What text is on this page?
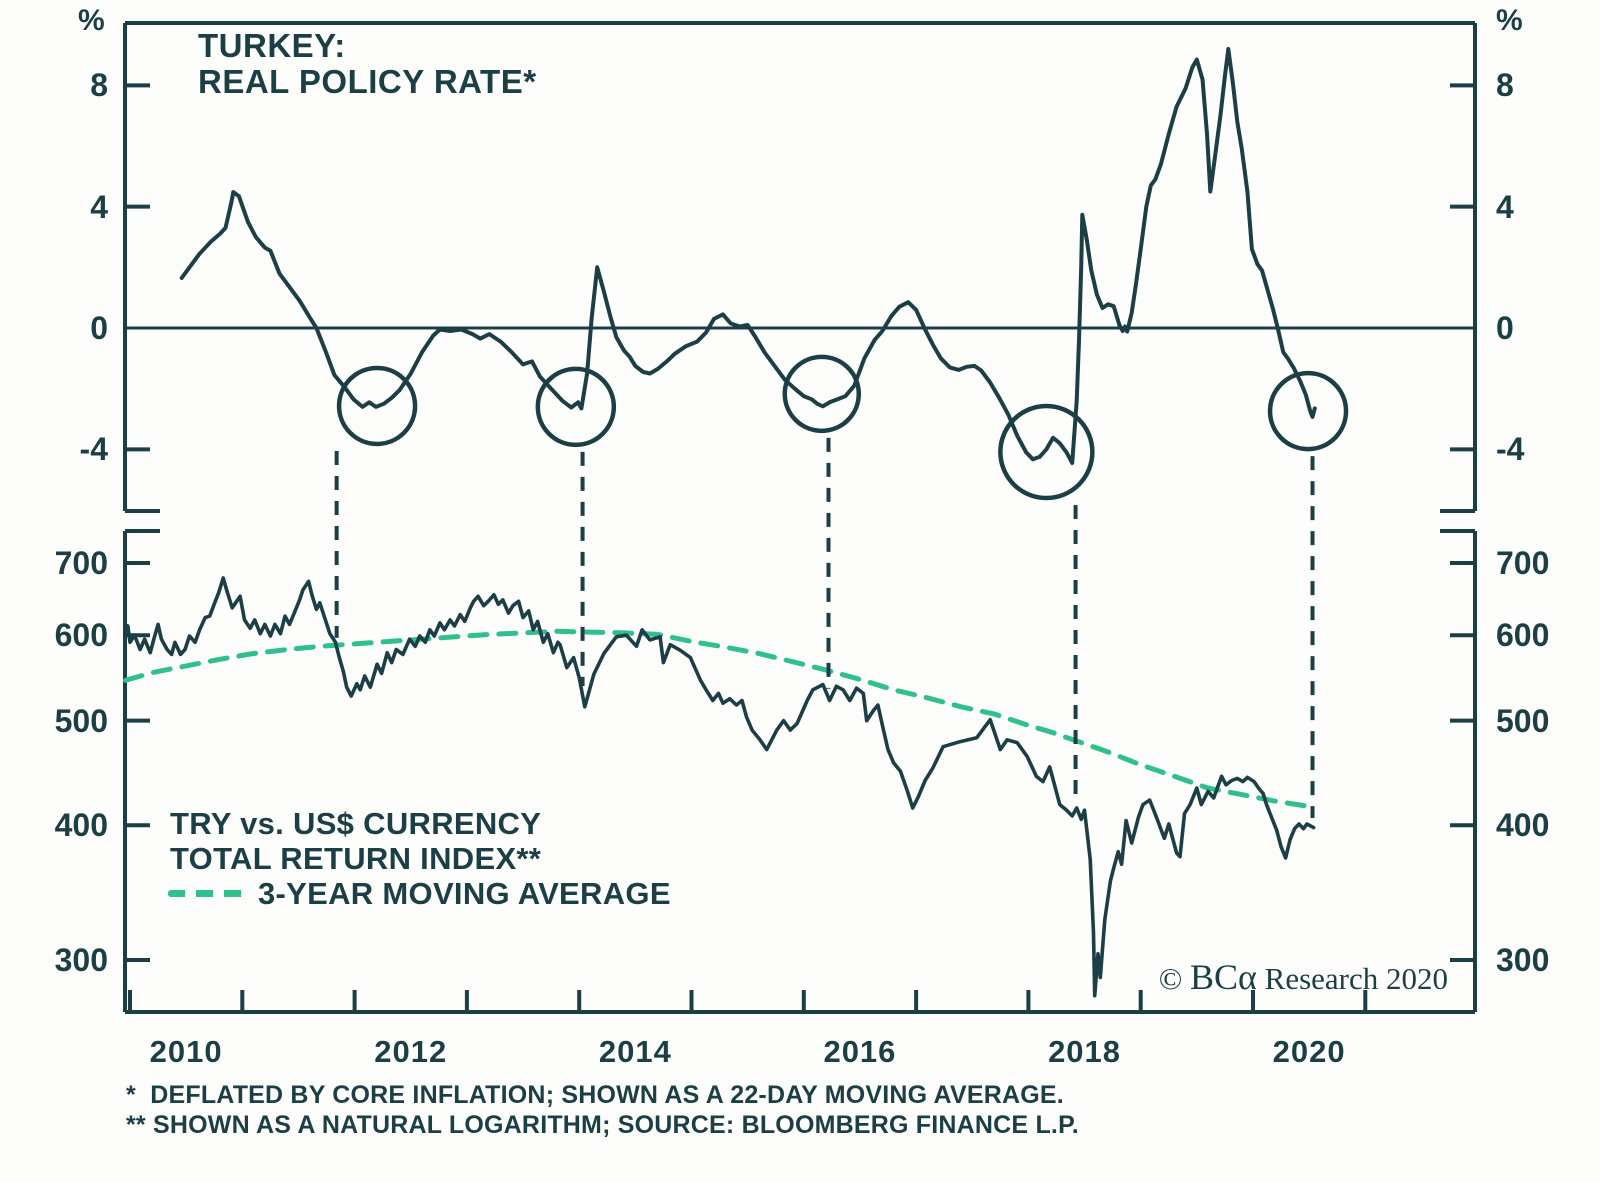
TURKEY:
REAL POLICY RATE*
%	%
8	8
4	4
0	0
-4	-4
700	700
600	600
500	500
400	400
300	300
2010	2012	2014	2016	2018	2020
TRY vs. US$ CURRENCY
TOTAL RETURN INDEX**
3-YEAR MOVING AVERAGE
© BCα Research 2020
*  DEFLATED BY CORE INFLATION; SHOWN AS A 22-DAY MOVING AVERAGE.
** SHOWN AS A NATURAL LOGARITHM; SOURCE: BLOOMBERG FINANCE L.P.
